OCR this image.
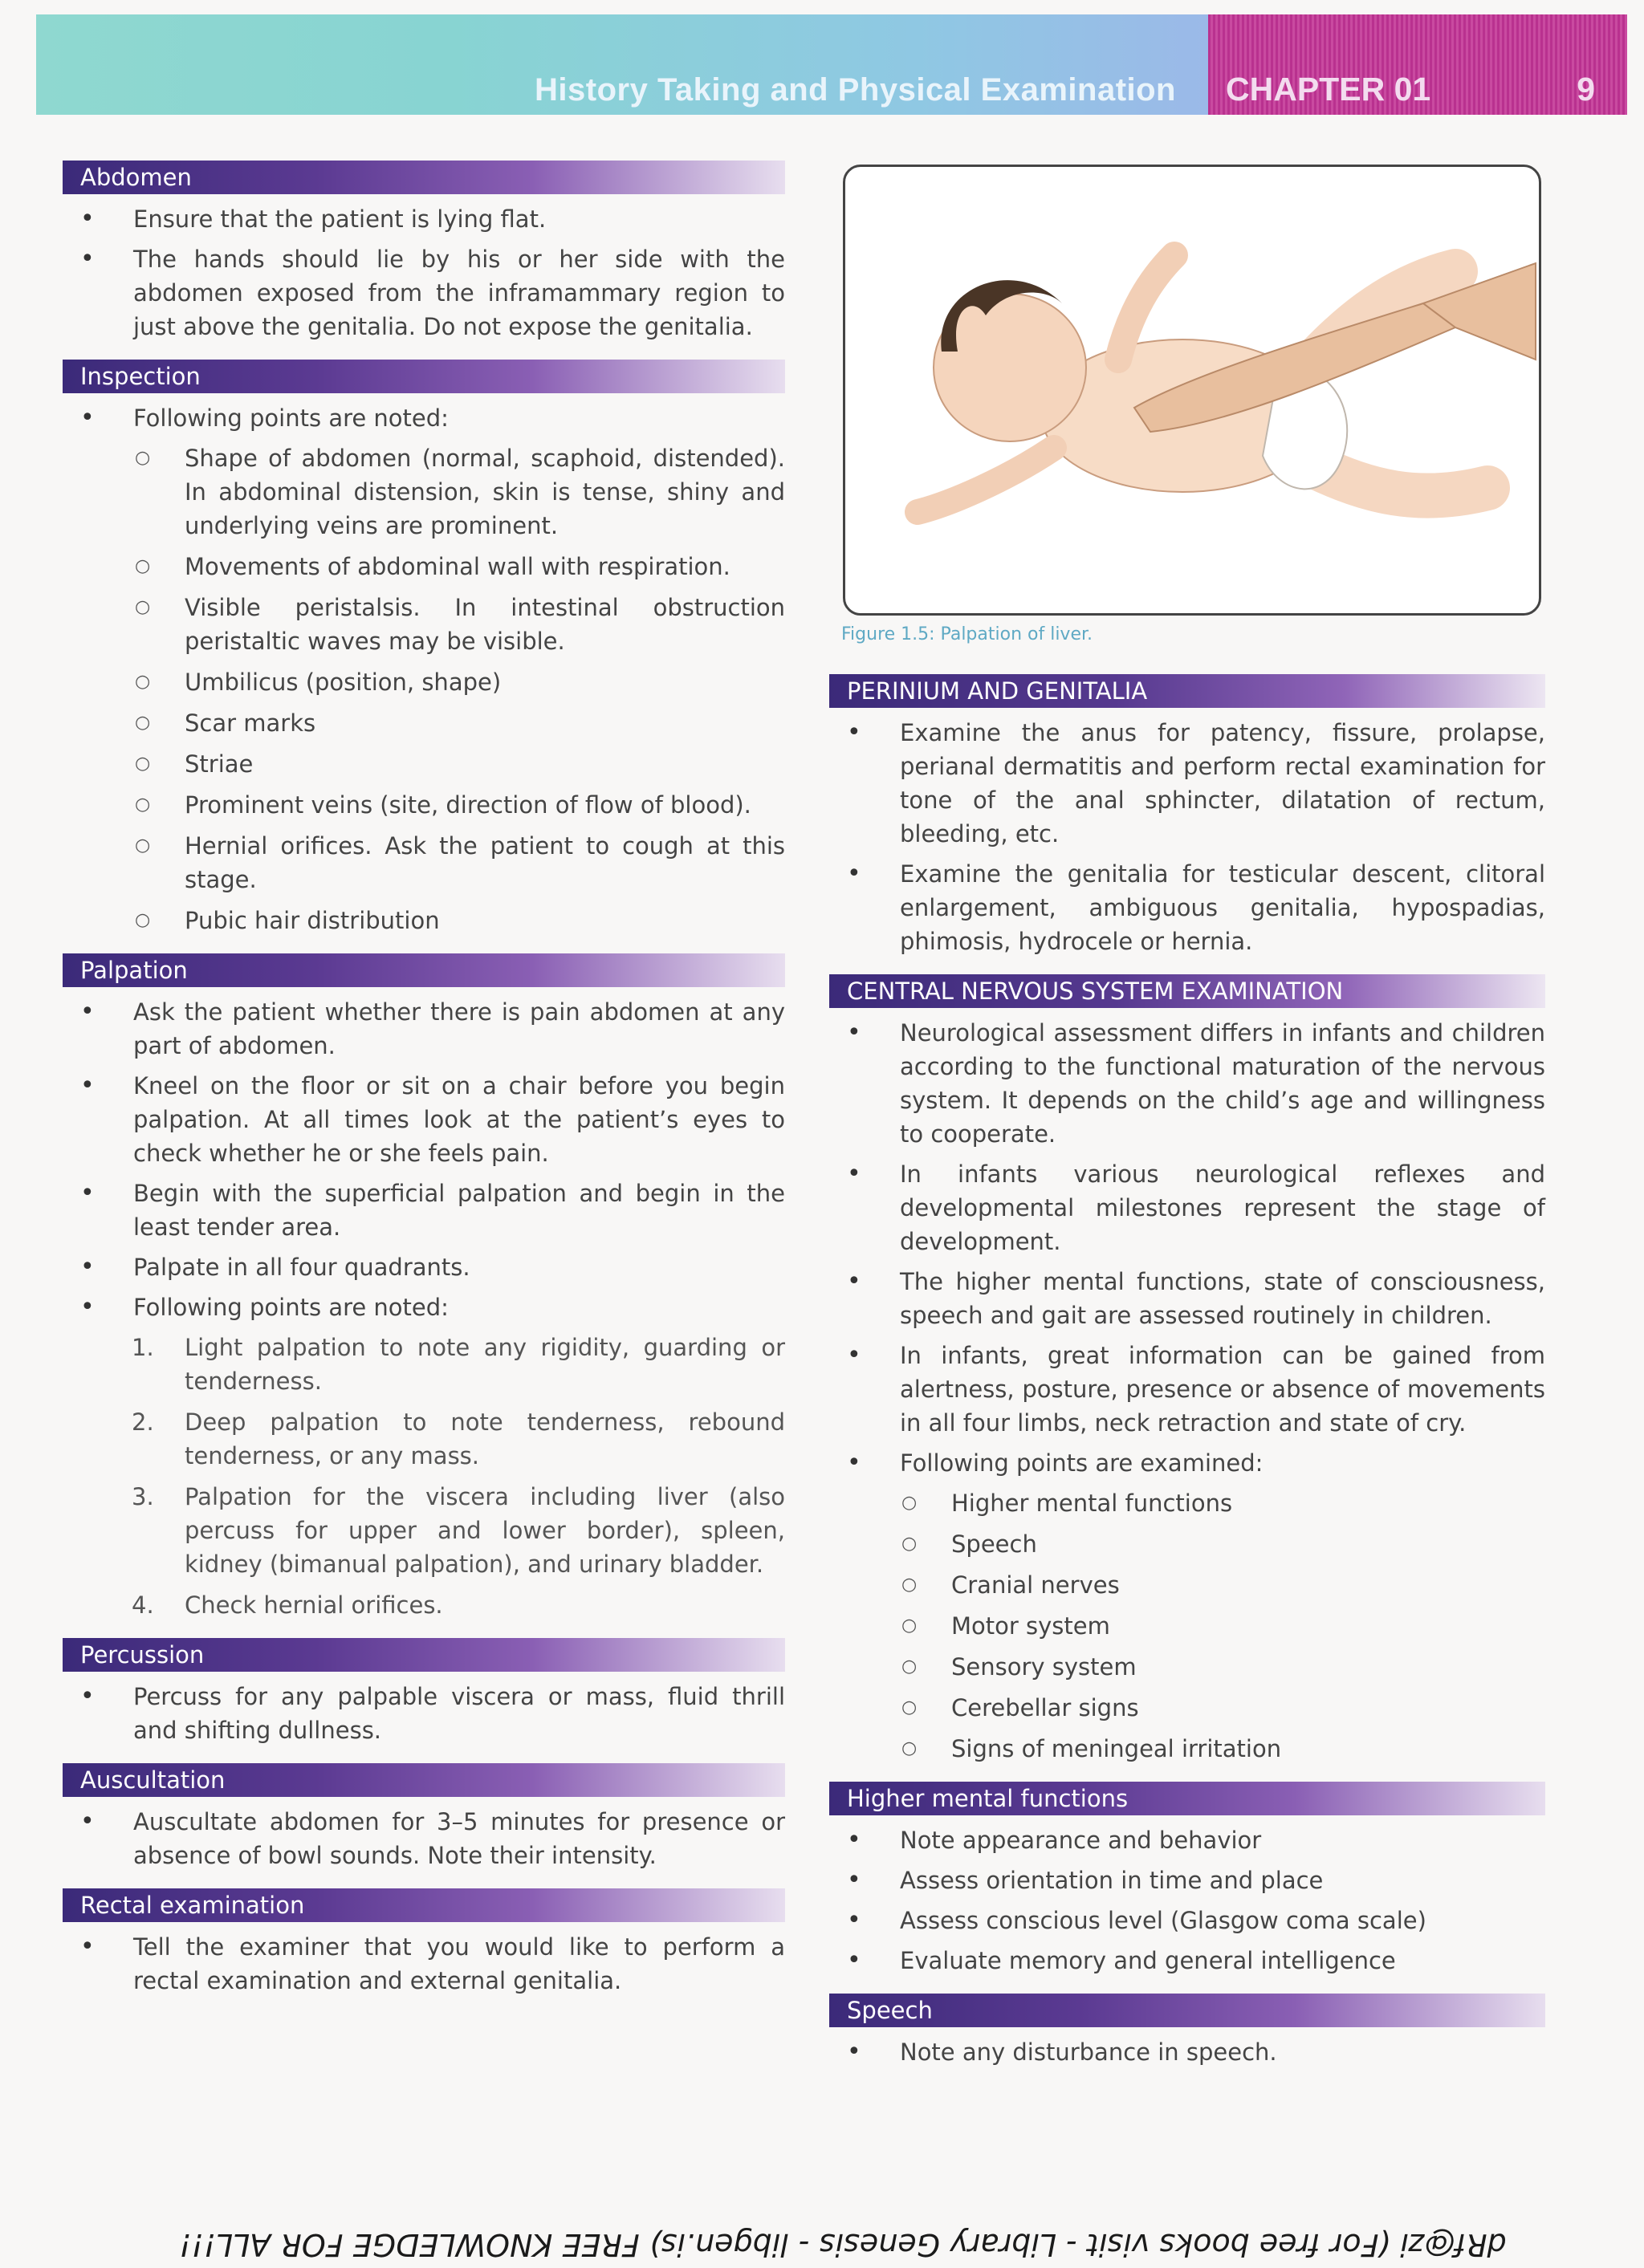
History Taking and Physical Examination CHAPTER 01	9
Abdomen
• Ensure that the patient is lying flat.
• The hands should lie by his or her side with the abdomen exposed from the inframammary region to just above the genitalia. Do not expose the genitalia.
Inspection
• Following points are noted:
○ Shape of abdomen (normal, scaphoid, distended). In abdominal distension, skin is tense, shiny and underlying veins are prominent.
○ Movements of abdominal wall with respiration.
○ Visible peristalsis. In intestinal obstruction peristaltic waves may be visible.
○ Umbilicus (position, shape)
○ Scar marks
○ Striae
○ Prominent veins (site, direction of flow of blood).
○ Hernial orifices. Ask the patient to cough at this stage.
○ Pubic hair distribution
Palpation
• Ask the patient whether there is pain abdomen at any part of abdomen.
• Kneel on the floor or sit on a chair before you begin palpation. At all times look at the patient’s eyes to check whether he or she feels pain.
• Begin with the superficial palpation and begin in the least tender area.
• Palpate in all four quadrants.
• Following points are noted:
1. Light palpation to note any rigidity, guarding or tenderness.
2. Deep palpation to note tenderness, rebound tenderness, or any mass.
3. Palpation for the viscera including liver (also percuss for upper and lower border), spleen, kidney (bimanual palpation), and urinary bladder.
4. Check hernial orifices.
Percussion
• Percuss for any palpable viscera or mass, fluid thrill and shifting dullness.
Auscultation
• Auscultate abdomen for 3–5 minutes for presence or absence of bowl sounds. Note their intensity.
Rectal examination
• Tell the examiner that you would like to perform a rectal examination and external genitalia.
Figure 1.5: Palpation of liver.
PERINIUM AND GENITALIA
• Examine the anus for patency, fissure, prolapse, perianal dermatitis and perform rectal examination for tone of the anal sphincter, dilatation of rectum, bleeding, etc.
• Examine the genitalia for testicular descent, clitoral enlargement, ambiguous genitalia, hypospadias, phimosis, hydrocele or hernia.
CENTRAL NERVOUS SYSTEM EXAMINATION
• Neurological assessment differs in infants and children according to the functional maturation of the nervous system. It depends on the child’s age and willingness to cooperate.
• In infants various neurological reflexes and developmental milestones represent the stage of development.
• The higher mental functions, state of consciousness, speech and gait are assessed routinely in children.
• In infants, great information can be gained from alertness, posture, presence or absence of movements in all four limbs, neck retraction and state of cry.
• Following points are examined:
○ Higher mental functions
○ Speech
○ Cranial nerves
○ Motor system
○ Sensory system
○ Cerebellar signs
○ Signs of meningeal irritation
Higher mental functions
• Note appearance and behavior
• Assess orientation in time and place
• Assess conscious level (Glasgow coma scale)
• Evaluate memory and general intelligence
Speech
• Note any disturbance in speech.
dRf@zi (For free books visit - Library Genesis - libgen.is) FREE KNOWLEDGE FOR ALL!!!
